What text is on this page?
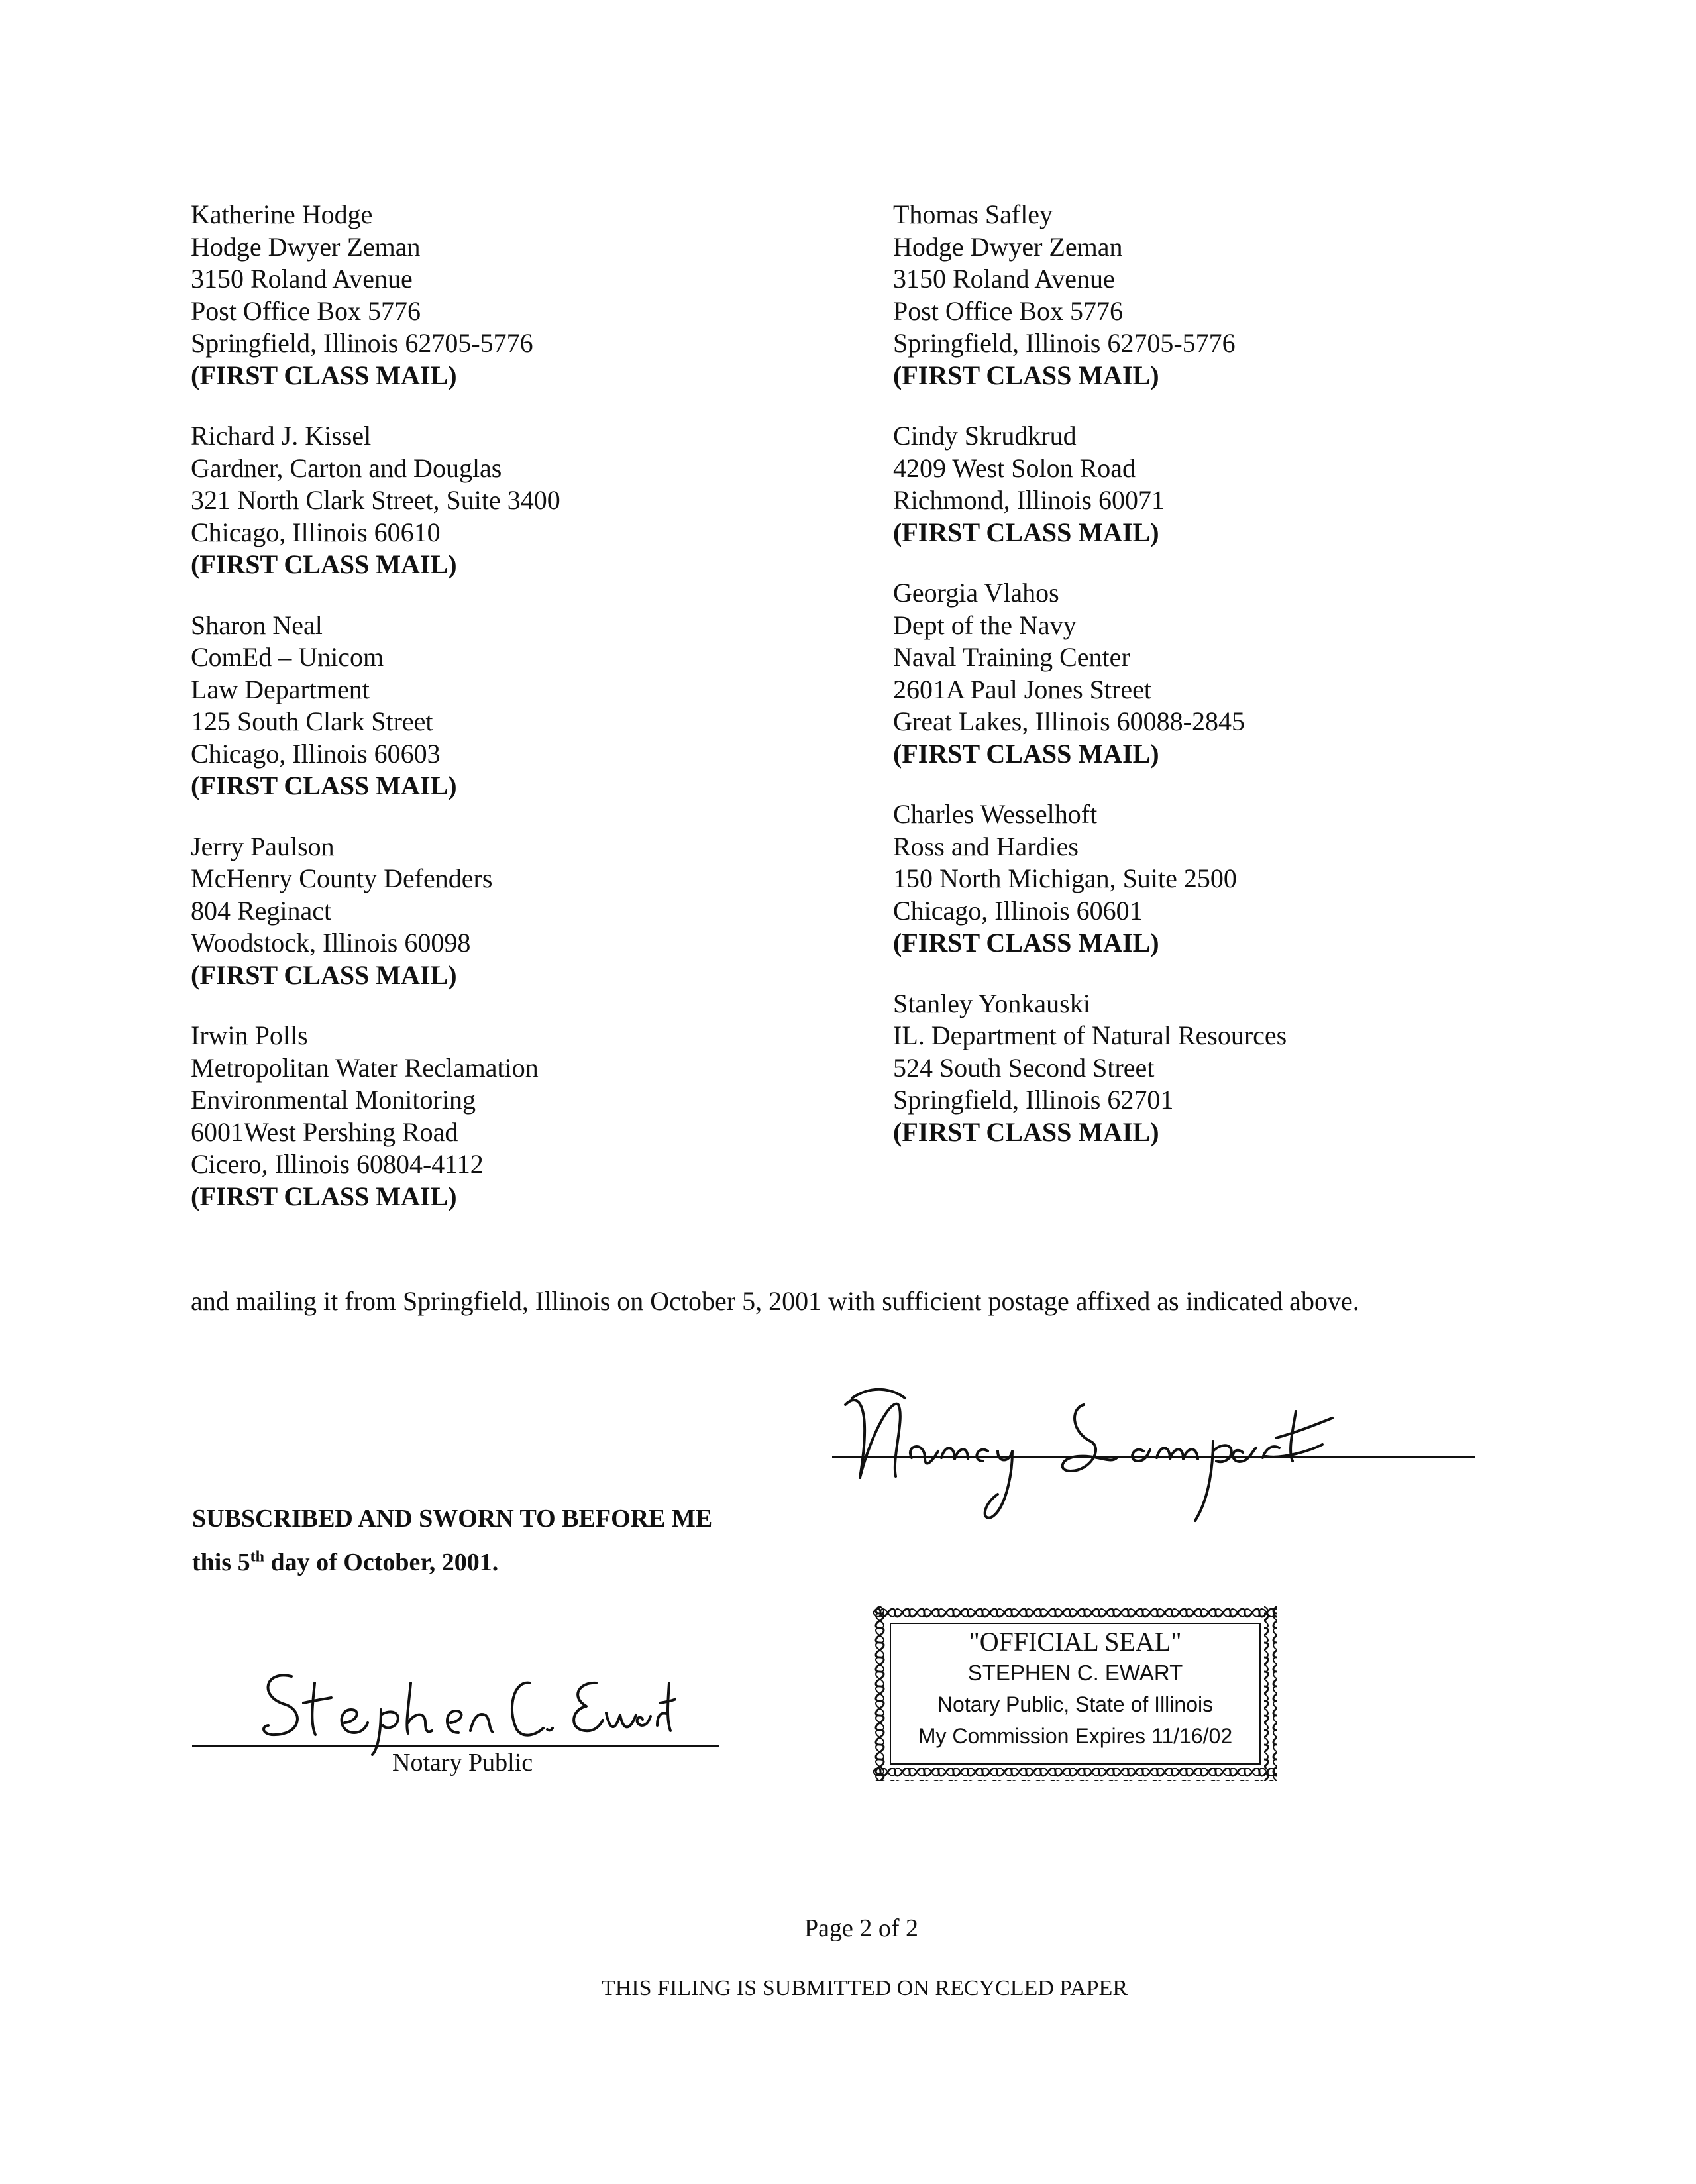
Katherine Hodge
Hodge Dwyer Zeman
3150 Roland Avenue
Post Office Box 5776
Springfield, Illinois 62705-5776
(FIRST CLASS MAIL)
Richard J. Kissel
Gardner, Carton and Douglas
321 North Clark Street, Suite 3400
Chicago, Illinois 60610
(FIRST CLASS MAIL)
Sharon Neal
ComEd – Unicom
Law Department
125 South Clark Street
Chicago, Illinois 60603
(FIRST CLASS MAIL)
Jerry Paulson
McHenry County Defenders
804 Reginact
Woodstock, Illinois 60098
(FIRST CLASS MAIL)
Irwin Polls
Metropolitan Water Reclamation
Environmental Monitoring
6001West Pershing Road
Cicero, Illinois 60804-4112
(FIRST CLASS MAIL)
Thomas Safley
Hodge Dwyer Zeman
3150 Roland Avenue
Post Office Box 5776
Springfield, Illinois 62705-5776
(FIRST CLASS MAIL)
Cindy Skrudkrud
4209 West Solon Road
Richmond, Illinois 60071
(FIRST CLASS MAIL)
Georgia Vlahos
Dept of the Navy
Naval Training Center
2601A Paul Jones Street
Great Lakes, Illinois 60088-2845
(FIRST CLASS MAIL)
Charles Wesselhoft
Ross and Hardies
150 North Michigan, Suite 2500
Chicago, Illinois 60601
(FIRST CLASS MAIL)
Stanley Yonkauski
IL. Department of Natural Resources
524 South Second Street
Springfield, Illinois 62701
(FIRST CLASS MAIL)
and mailing it from Springfield, Illinois on October 5, 2001 with sufficient postage affixed as indicated above.
SUBSCRIBED AND SWORN TO BEFORE ME
this 5th day of October, 2001.
Notary Public
"OFFICIAL SEAL"
STEPHEN C. EWART
Notary Public, State of Illinois
My Commission Expires 11/16/02
Page 2 of 2
THIS FILING IS SUBMITTED ON RECYCLED PAPER
